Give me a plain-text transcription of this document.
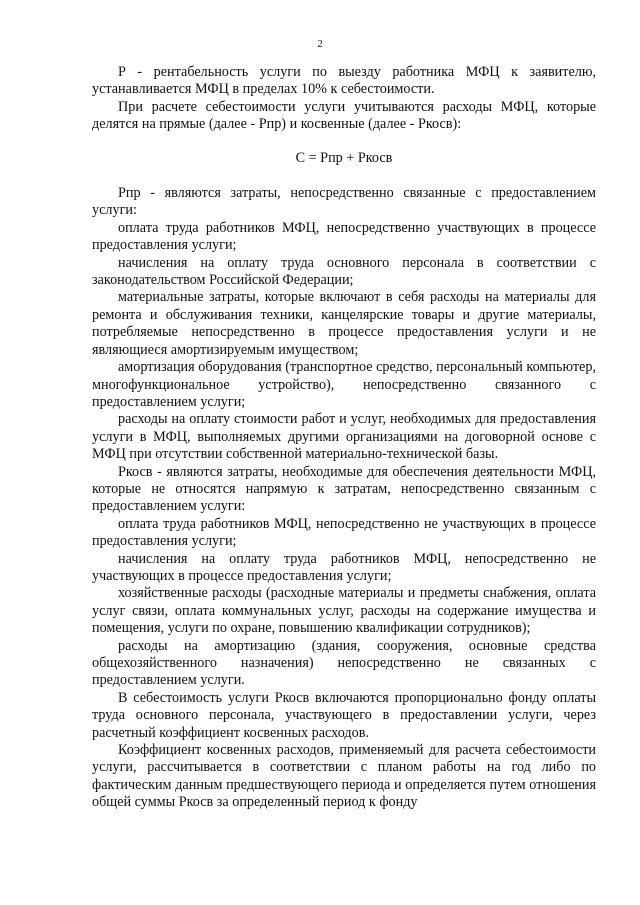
2

Р - рентабельность услуги по выезду работника МФЦ к заявителю, устанавливается МФЦ в пределах 10% к себестоимости.

При расчете себестоимости услуги учитываются расходы МФЦ, которые делятся на прямые (далее - Рпр) и косвенные (далее - Ркосв):

С = Рпр + Ркосв

Рпр - являются затраты, непосредственно связанные с предоставлением услуги:

оплата труда работников МФЦ, непосредственно участвующих в процессе предоставления услуги;

начисления на оплату труда основного персонала в соответствии с законодательством Российской Федерации;

материальные затраты, которые включают в себя расходы на материалы для ремонта и обслуживания техники, канцелярские товары и другие материалы, потребляемые непосредственно в процессе предоставления услуги и не являющиеся амортизируемым имуществом;

амортизация оборудования (транспортное средство, персональный компьютер, многофункциональное устройство), непосредственно связанного с предоставлением услуги;

расходы на оплату стоимости работ и услуг, необходимых для предоставления услуги в МФЦ, выполняемых другими организациями на договорной основе с МФЦ при отсутствии собственной материально-технической базы.

Ркосв - являются затраты, необходимые для обеспечения деятельности МФЦ, которые не относятся напрямую к затратам, непосредственно связанным с предоставлением услуги:

оплата труда работников МФЦ, непосредственно не участвующих в процессе предоставления услуги;

начисления на оплату труда работников МФЦ, непосредственно не участвующих в процессе предоставления услуги;

хозяйственные расходы (расходные материалы и предметы снабжения, оплата услуг связи, оплата коммунальных услуг, расходы на содержание имущества и помещения, услуги по охране, повышению квалификации сотрудников);

расходы на амортизацию (здания, сооружения, основные средства общехозяйственного назначения) непосредственно не связанных с предоставлением услуги.

В себестоимость услуги Ркосв включаются пропорционально фонду оплаты труда основного персонала, участвующего в предоставлении услуги, через расчетный коэффициент косвенных расходов.

Коэффициент косвенных расходов, применяемый для расчета себестоимости услуги, рассчитывается в соответствии с планом работы на год либо по фактическим данным предшествующего периода и определяется путем отношения общей суммы Ркосв за определенный период к фонду
